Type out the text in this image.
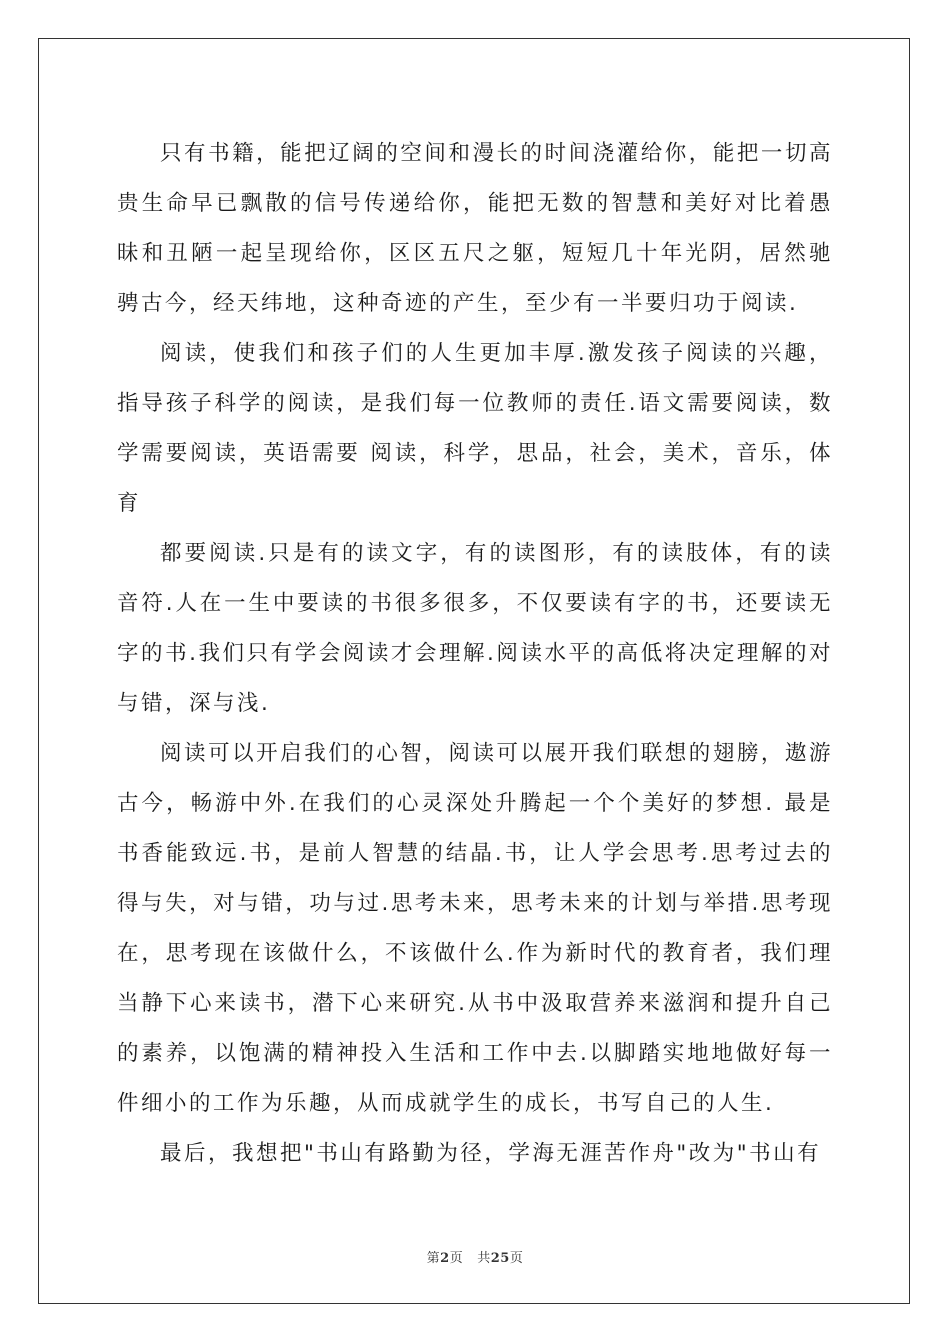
只有书籍，能把辽阔的空间和漫长的时间浇灌给你，能把一切高贵生命早已飘散的信号传递给你，能把无数的智慧和美好对比着愚昧和丑陋一起呈现给你，区区五尺之躯，短短几十年光阴，居然驰骋古今，经天纬地，这种奇迹的产生，至少有一半要归功于阅读.

阅读，使我们和孩子们的人生更加丰厚.激发孩子阅读的兴趣，指导孩子科学的阅读，是我们每一位教师的责任.语文需要阅读，数学需要阅读，英语需要 阅读，科学，思品，社会，美术，音乐，体育

都要阅读.只是有的读文字，有的读图形，有的读肢体，有的读音符.人在一生中要读的书很多很多，不仅要读有字的书，还要读无字的书.我们只有学会阅读才会理解.阅读水平的高低将决定理解的对与错，深与浅.

阅读可以开启我们的心智，阅读可以展开我们联想的翅膀，遨游古今，畅游中外.在我们的心灵深处升腾起一个个美好的梦想. 最是书香能致远.书，是前人智慧的结晶.书，让人学会思考.思考过去的得与失，对与错，功与过.思考未来，思考未来的计划与举措.思考现在，思考现在该做什么，不该做什么.作为新时代的教育者，我们理当静下心来读书，潜下心来研究.从书中汲取营养来滋润和提升自己的素养，以饱满的精神投入生活和工作中去.以脚踏实地地做好每一件细小的工作为乐趣，从而成就学生的成长，书写自己的人生.

最后，我想把"书山有路勤为径，学海无涯苦作舟"改为"书山有

第2页 共25页
